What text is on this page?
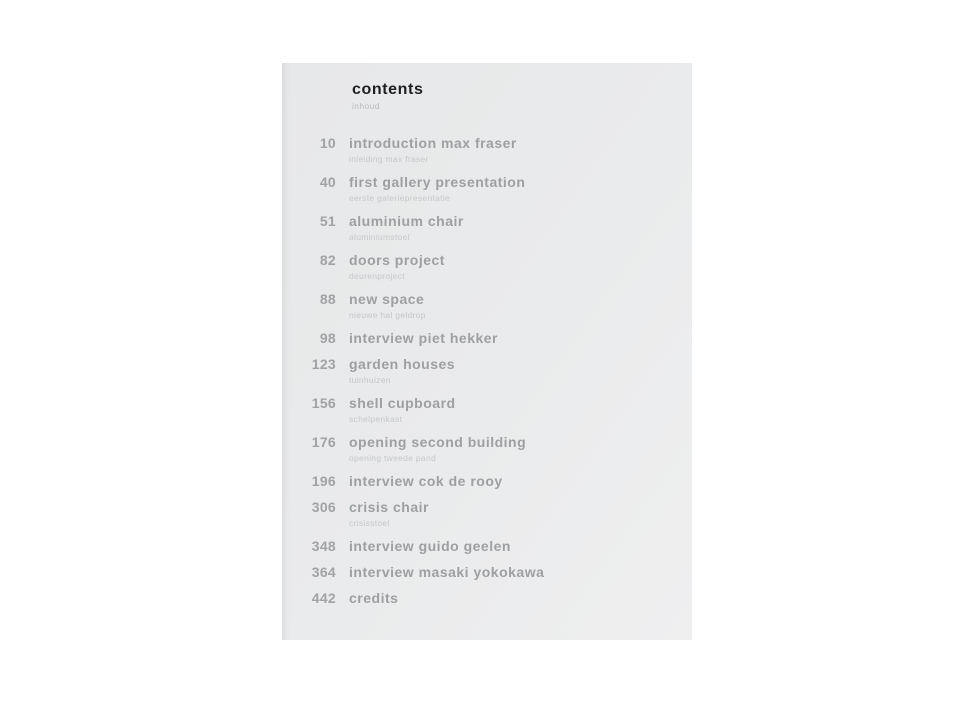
contents
inhoud
10 introduction max fraser
inleiding max fraser
40 first gallery presentation
eerste galeriepresentatie
51 aluminium chair
aluminiumstoel
82 doors project
deurenproject
88 new space
nieuwe hal geldrop
98 interview piet hekker
123 garden houses
tuinhuizen
156 shell cupboard
schelpenkast
176 opening second building
opening tweede pand
196 interview cok de rooy
306 crisis chair
crisisstoel
348 interview guido geelen
364 interview masaki yokokawa
442 credits
